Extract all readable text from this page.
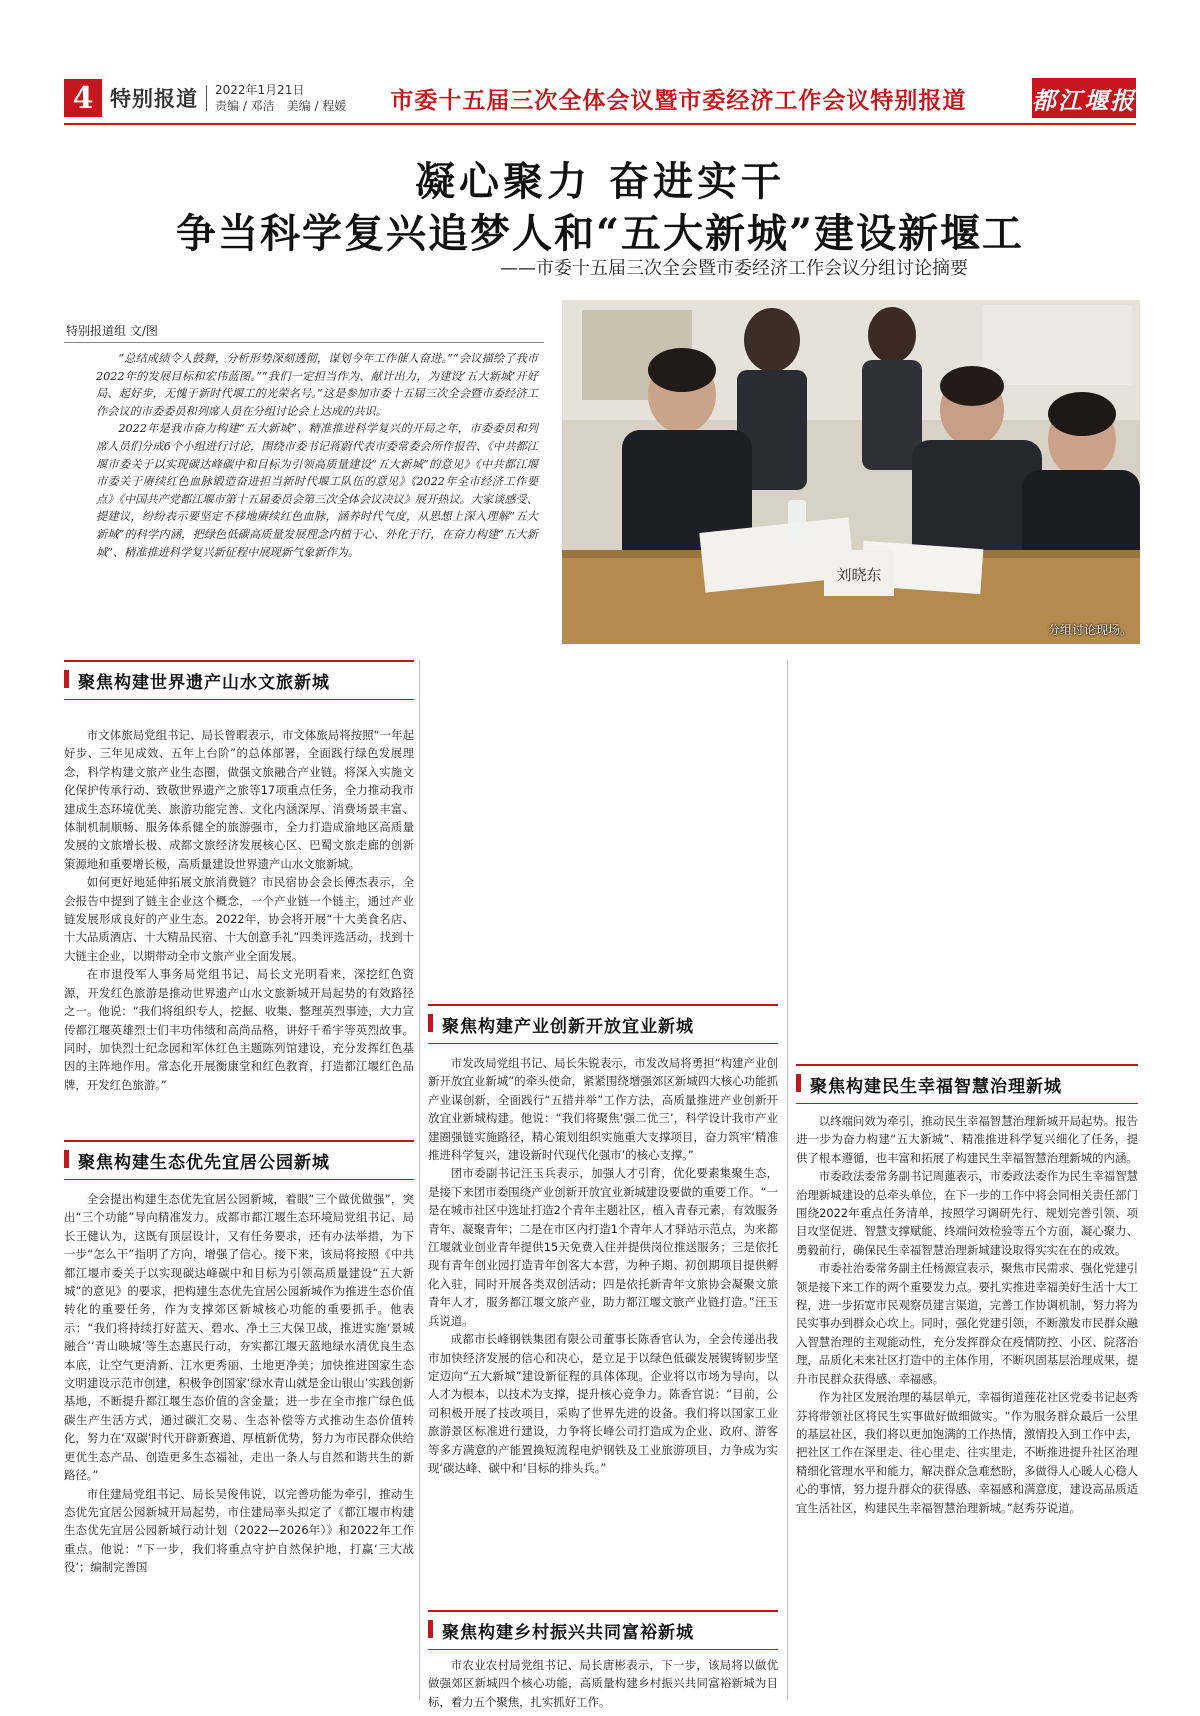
4 特别报道 2022年1月21日
责编 / 邓洁　美编 / 程媛 市委十五届三次全体会议暨市委经济工作会议特别报道	都江堰报
凝心聚力 奋进实干
争当科学复兴追梦人和“五大新城”建设新堰工
——市委十五届三次全会暨市委经济工作会议分组讨论摘要
特别报道组 文/图

“总结成绩令人鼓舞，分析形势深刻透彻，谋划今年工作催人奋进。”“会议描绘了我市2022年的发展目标和宏伟蓝图。”“我们一定担当作为、献计出力，为建设‘五大新城’开好局、起好步，无愧于新时代堰工的光荣名号。”这是参加市委十五届三次全会暨市委经济工作会议的市委委员和列席人员在分组讨论会上达成的共识。

2022年是我市奋力构建“五大新城”、精准推进科学复兴的开局之年，市委委员和列席人员们分成6个小组进行讨论，围绕市委书记蒋蔚代表市委常委会所作报告、《中共都江堰市委关于以实现碳达峰碳中和目标为引领高质量建设“五大新城”的意见》《中共都江堰市委关于赓续红色血脉锻造奋进担当新时代堰工队伍的意见》《2022年全市经济工作要点》《中国共产党都江堰市第十五届委员会第三次全体会议决议》展开热议。大家谈感受、提建议，纷纷表示要坚定不移地赓续红色血脉，涵养时代气度，从思想上深入理解“五大新城”的科学内涵，把绿色低碳高质量发展理念内植于心、外化于行，在奋力构建“五大新城”、精准推进科学复兴新征程中展现新气象新作为。

刘晓东
分组讨论现场。
聚焦构建世界遗产山水文旅新城

市文体旅局党组书记、局长曾暇表示，市文体旅局将按照“一年起好步、三年见成效、五年上台阶”的总体部署，全面践行绿色发展理念，科学构建文旅产业生态圈，做强文旅融合产业链。将深入实施文化保护传承行动、致敬世界遗产之旅等17项重点任务，全力推动我市建成生态环境优美、旅游功能完善、文化内涵深厚、消费场景丰富、体制机制顺畅、服务体系健全的旅游强市，全力打造成渝地区高质量发展的文旅增长极、成都文旅经济发展核心区、巴蜀文旅走廊的创新策源地和重要增长极，高质量建设世界遗产山水文旅新城。

如何更好地延伸拓展文旅消费链？市民宿协会会长傅杰表示，全会报告中提到了链主企业这个概念，一个产业链一个链主，通过产业链发展形成良好的产业生态。2022年，协会将开展“十大美食名店、十大品质酒店、十大精品民宿、十大创意手礼”四类评选活动，找到十大链主企业，以期带动全市文旅产业全面发展。

在市退役军人事务局党组书记、局长文光明看来，深挖红色资源，开发红色旅游是推动世界遗产山水文旅新城开局起势的有效路径之一。他说：“我们将组织专人，挖掘、收集、整理英烈事迹，大力宣传都江堰英雄烈士们丰功伟绩和高尚品格，讲好千希宇等英烈故事。同时，加快烈士纪念园和军休红色主题陈列馆建设，充分发挥红色基因的主阵地作用。常态化开展衡康堂和红色教育，打造都江堰红色品牌，开发红色旅游。”

聚焦构建生态优先宜居公园新城

全会提出构建生态优先宜居公园新城，着眼“三个做优做强”，突出“三个功能”导向精准发力。成都市都江堰生态环境局党组书记、局长王健认为，这既有顶层设计，又有任务要求，还有办法举措，为下一步“怎么干”指明了方向，增强了信心。接下来，该局将按照《中共都江堰市委关于以实现碳达峰碳中和目标为引领高质量建设“五大新城”的意见》的要求，把构建生态优先宜居公园新城作为推进生态价值转化的重要任务，作为支撑郊区新城核心功能的重要抓手。他表示：“我们将持续打好蓝天、碧水、净土三大保卫战，推进实施‘景城融合’‘青山映城’等生态惠民行动，夯实都江堰天蓝地绿水清优良生态本底，让空气更清新、江水更秀丽、土地更净美；加快推进国家生态文明建设示范市创建，积极争创国家‘绿水青山就是金山银山’实践创新基地，不断提升都江堰生态价值的含金量；进一步在全市推广绿色低碳生产生活方式，通过碳汇交易、生态补偿等方式推动生态价值转化，努力在‘双碳’时代开辟新赛道、厚植新优势，努力为市民群众供给更优生态产品、创造更多生态福祉，走出一条人与自然和谐共生的新路径。”

市住建局党组书记、局长吴俊伟说，以完善功能为牵引，推动生态优先宜居公园新城开局起势，市住建局率头拟定了《都江堰市构建生态优先宜居公园新城行动计划（2022—2026年）》和2022年工作重点。他说：“下一步，我们将重点守护自然保护地，打赢‘三大战役’；编制完善国

聚焦构建产业创新开放宜业新城

市发改局党组书记、局长朱锐表示，市发改局将勇担“构建产业创新开放宜业新城”的牵头使命，紧紧围绕增强郊区新城四大核心功能抓产业谋创新，全面践行“五措并举”工作方法，高质量推进产业创新开放宜业新城构建。他说：“我们将聚焦‘强二优三’，科学设计我市产业建圈强链实施路径，精心策划组织实施重大支撑项目，奋力筑牢‘精准推进科学复兴，建设新时代现代化强市’的核心支撑。”

团市委副书记汪玉兵表示，加强人才引育，优化要素集聚生态，是接下来团市委围绕产业创新开放宜业新城建设要做的重要工作。“一是在城市社区中选址打造2个青年主题社区，植入青春元素，有效服务青年、凝聚青年；二是在市区内打造1个青年人才驿站示范点，为来都江堰就业创业青年提供15天免费入住并提供岗位推送服务；三是依托现有青年创业园打造青年创客大本营，为种子期、初创期项目提供孵化入驻，同时开展各类双创活动；四是依托新青年文旅协会凝聚文旅青年人才，服务都江堰文旅产业，助力都江堰文旅产业链打造。”汪玉兵说道。

成都市长峰钢铁集团有限公司董事长陈香官认为，全会传递出我市加快经济发展的信心和决心，是立足于以绿色低碳发展锲铸韧步坚定迈向“五大新城”建设新征程的具体体现。企业将以市场为导向，以人才为根本，以技术为支撑，提升核心竞争力。陈香官说：“目前，公司积极开展了技改项目，采购了世界先进的设备。我们将以国家工业旅游景区标准进行建设，力争将长峰公司打造成为企业、政府、游客等多方满意的产能置换短流程电炉钢铁及工业旅游项目，力争成为实现‘碳达峰、碳中和’目标的排头兵。”

聚焦构建乡村振兴共同富裕新城

市农业农村局党组书记、局长唐彬表示，下一步，该局将以做优做强郊区新城四个核心功能，高质量构建乡村振兴共同富裕新城为目标，着力五个聚焦，扎实抓好工作。

聚焦构建民生幸福智慧治理新城

以终端问效为牵引，推动民生幸福智慧治理新城开局起势。报告进一步为奋力构建“五大新城”、精准推进科学复兴细化了任务，提供了根本遵循，也丰富和拓展了构建民生幸福智慧治理新城的内涵。

市委政法委常务副书记周蓮表示，市委政法委作为民生幸福智慧治理新城建设的总牵头单位，在下一步的工作中将会同相关责任部门围绕2022年重点任务清单，按照学习调研先行、规划完善引领、项目攻坚促进、智慧支撑赋能、终端问效检验等五个方面，凝心聚力、勇毅前行，确保民生幸福智慧治理新城建设取得实实在在的成效。

市委社治委常务副主任杨源宣表示，聚焦市民需求、强化党建引领是接下来工作的两个重要发力点。要扎实推进幸福美好生活十大工程，进一步拓宽市民观察员建言渠道，完善工作协调机制，努力将为民实事办到群众心坎上。同时，强化党建引领，不断激发市民群众融入智慧治理的主观能动性，充分发挥群众在疫情防控、小区、院落治理，品质化未来社区打造中的主体作用，不断巩固基层治理成果，提升市民群众获得感、幸福感。

作为社区发展治理的基层单元，幸福街道莲花社区党委书记赵秀芬将带领社区将民生实事做好做细做实。“作为服务群众最后一公里的基层社区，我们将以更加饱满的工作热情，激情投入到工作中去，把社区工作在深里走、往心里走、往实里走，不断推进提升社区治理精细化管理水平和能力，解决群众急难愁盼，多做得人心暖人心稳人心的事情，努力提升群众的获得感、幸福感和满意度，建设高品质适宜生活社区，构建民生幸福智慧治理新城。”赵秀芬说道。
